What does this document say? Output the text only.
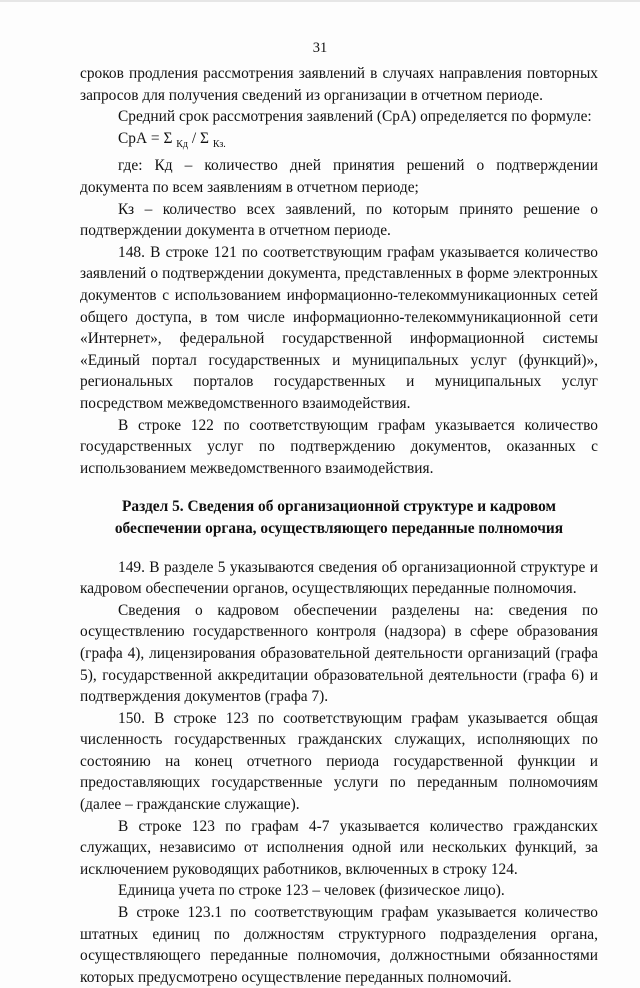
31

сроков продления рассмотрения заявлений в случаях направления повторных запросов для получения сведений из организации в отчетном периоде.

Средний срок рассмотрения заявлений (СрА) определяется по формуле:

СрА = Σ $_{Кд}$ / Σ $_{Кз.}$

где: Кд – количество дней принятия решений о подтверждении документа по всем заявлениям в отчетном периоде;

Кз – количество всех заявлений, по которым принято решение о подтверждении документа в отчетном периоде.

148. В строке 121 по соответствующим графам указывается количество заявлений о подтверждении документа, представленных в форме электронных документов с использованием информационно-телекоммуникационных сетей общего доступа, в том числе информационно-телекоммуникационной сети «Интернет», федеральной государственной информационной системы «Единый портал государственных и муниципальных услуг (функций)», региональных порталов государственных и муниципальных услуг посредством межведомственного взаимодействия.

В строке 122 по соответствующим графам указывается количество государственных услуг по подтверждению документов, оказанных с использованием межведомственного взаимодействия.

Раздел 5. Сведения об организационной структуре и кадровом обеспечении органа, осуществляющего переданные полномочия

149. В разделе 5 указываются сведения об организационной структуре и кадровом обеспечении органов, осуществляющих переданные полномочия.

Сведения о кадровом обеспечении разделены на: сведения по осуществлению государственного контроля (надзора) в сфере образования (графа 4), лицензирования образовательной деятельности организаций (графа 5), государственной аккредитации образовательной деятельности (графа 6) и подтверждения документов (графа 7).

150. В строке 123 по соответствующим графам указывается общая численность государственных гражданских служащих, исполняющих по состоянию на конец отчетного периода государственной функции и предоставляющих государственные услуги по переданным полномочиям (далее – гражданские служащие).

В строке 123 по графам 4-7 указывается количество гражданских служащих, независимо от исполнения одной или нескольких функций, за исключением руководящих работников, включенных в строку 124.

Единица учета по строке 123 – человек (физическое лицо).

В строке 123.1 по соответствующим графам указывается количество штатных единиц по должностям структурного подразделения органа, осуществляющего переданные полномочия, должностными обязанностями которых предусмотрено осуществление переданных полномочий.
